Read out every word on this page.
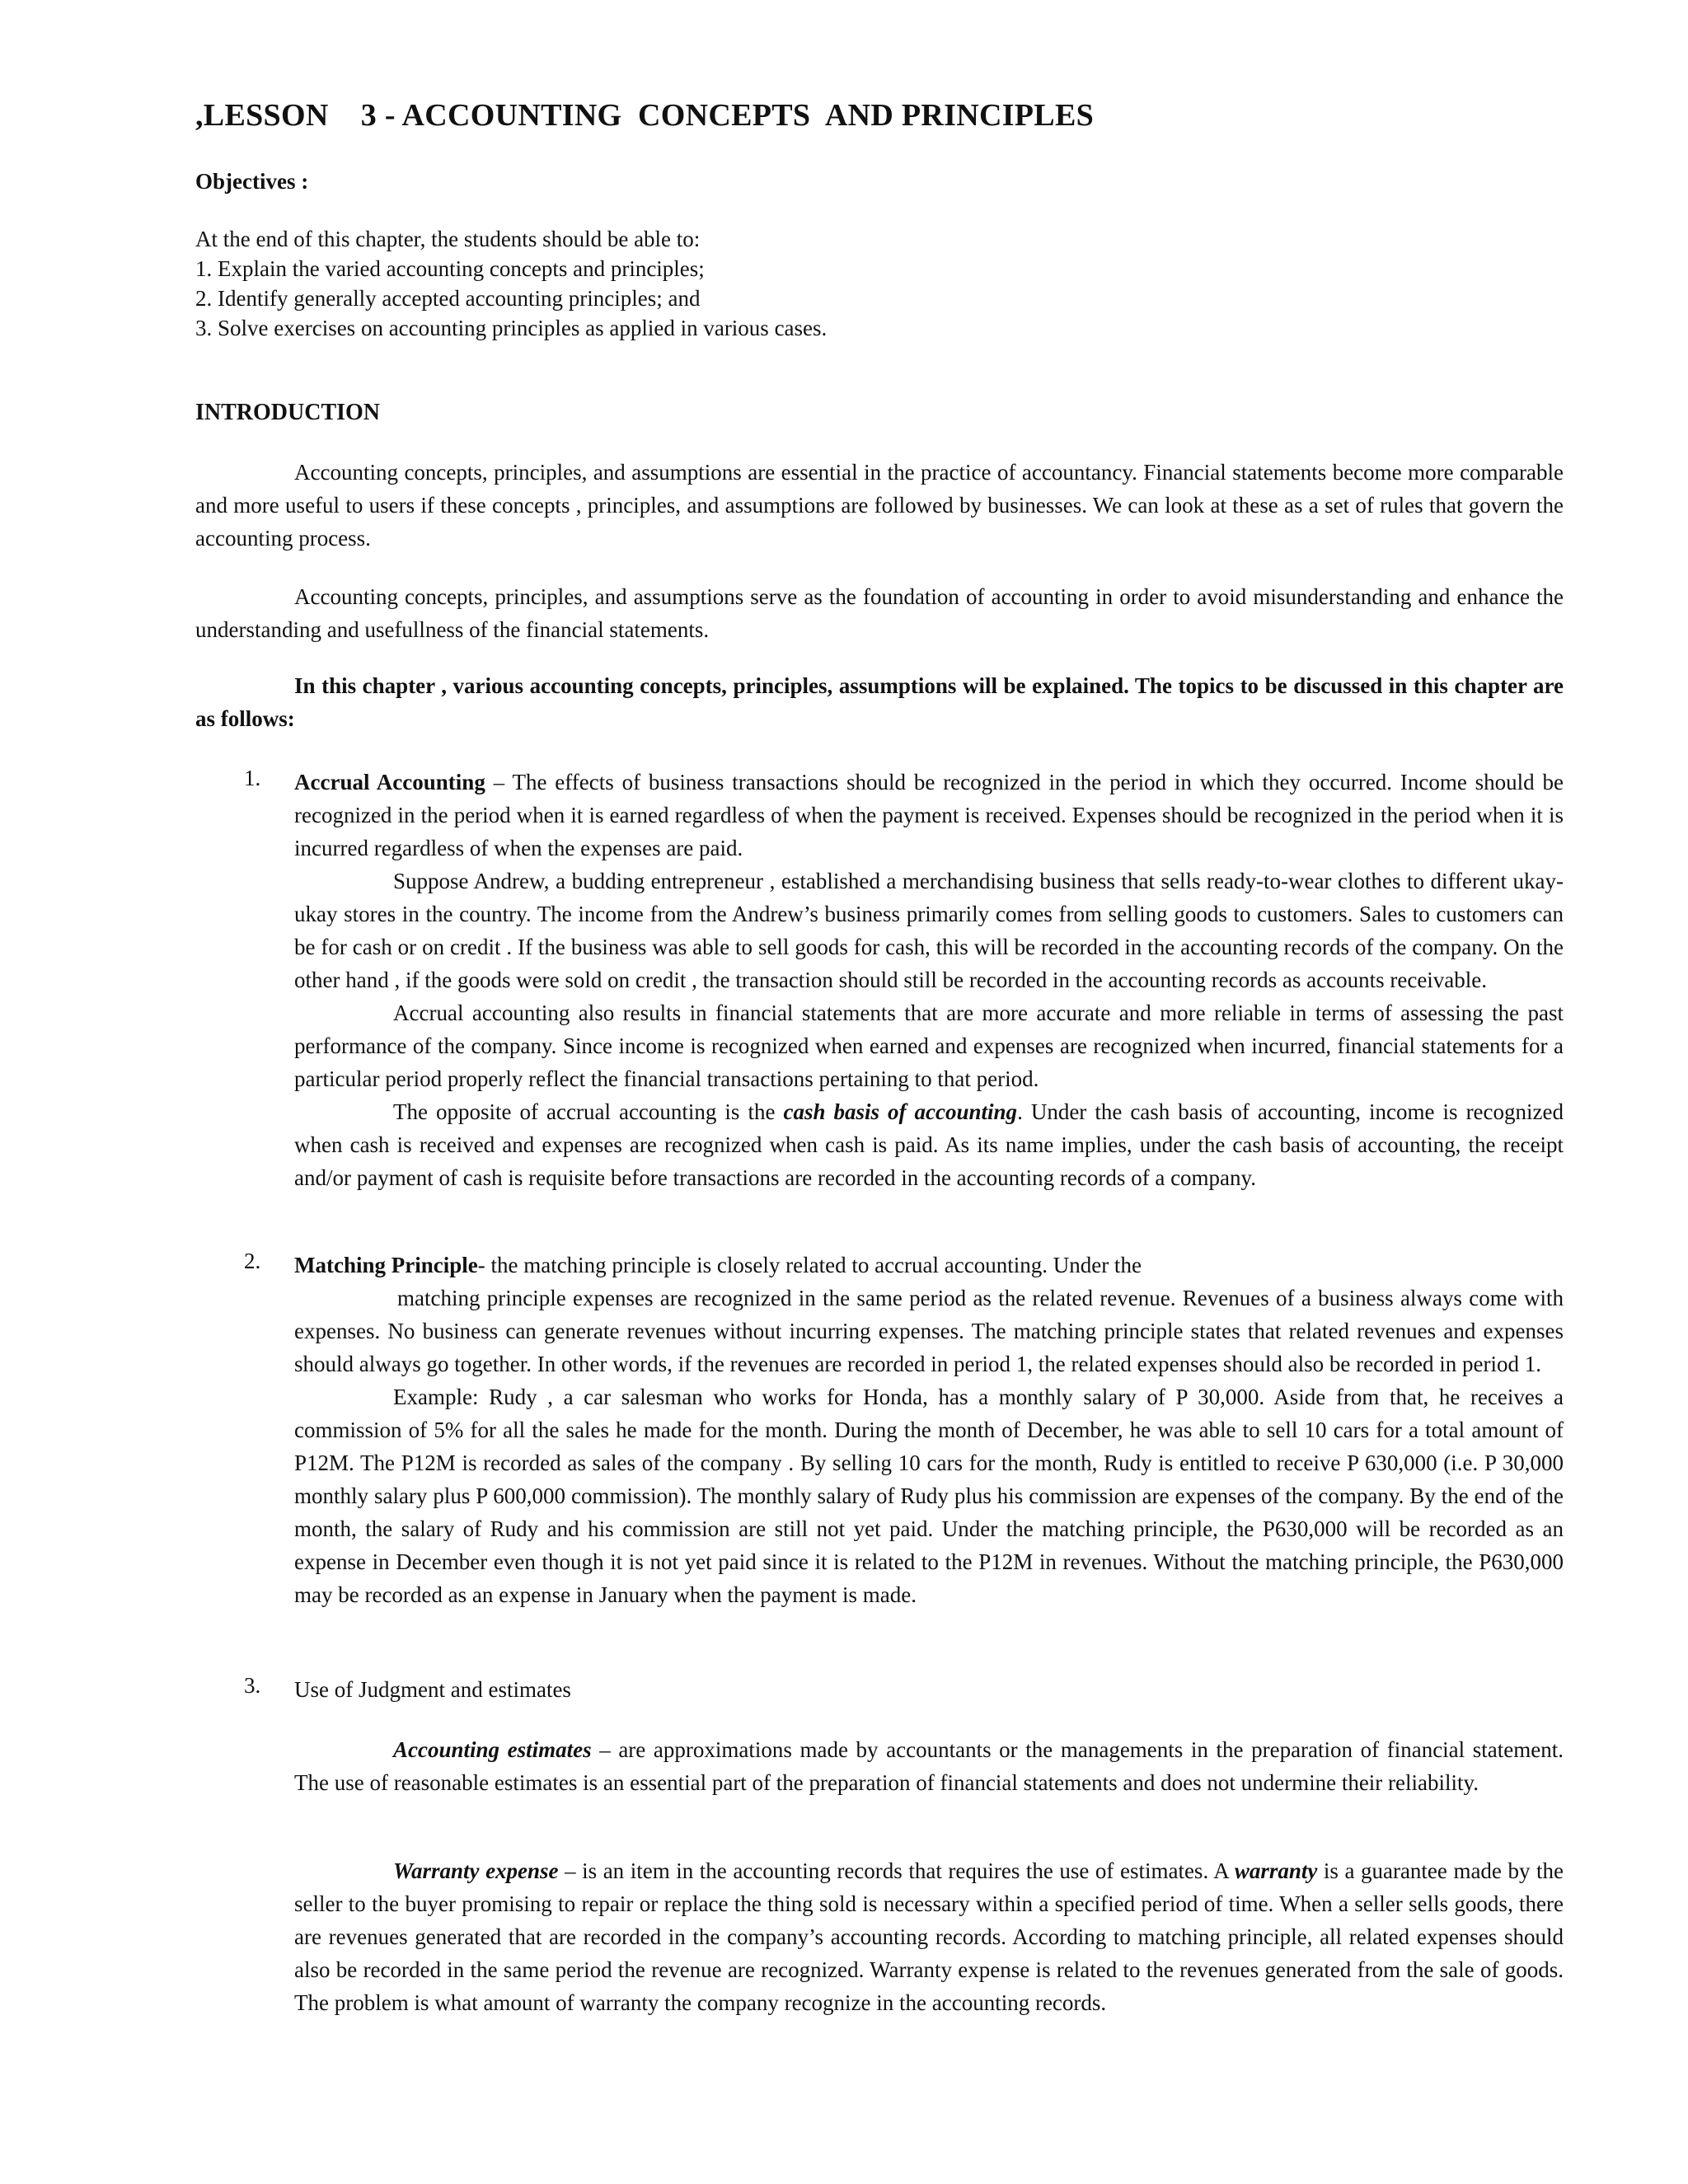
,LESSON    3 - ACCOUNTING  CONCEPTS  AND PRINCIPLES
Objectives :
At the end of this chapter, the students should be able to:
1. Explain the varied accounting concepts and principles;
2. Identify generally accepted accounting principles; and
3. Solve exercises on accounting principles as applied in various cases.
INTRODUCTION

Accounting concepts, principles, and assumptions are essential in the practice of accountancy. Financial statements become more comparable and more useful to users if these concepts , principles, and assumptions are followed by businesses. We can look at these as a set of rules that govern the accounting process.

Accounting concepts, principles, and assumptions serve as the foundation of accounting in order to avoid misunderstanding and enhance the understanding and usefullness of the financial statements.

In this chapter , various accounting concepts, principles, assumptions will be explained. The topics to be discussed in this chapter are as follows:

1. Accrual Accounting – The effects of business transactions should be recognized in the period in which they occurred. Income should be recognized in the period when it is earned regardless of when the payment is received. Expenses should be recognized in the period when it is incurred regardless of when the expenses are paid.

Suppose Andrew, a budding entrepreneur , established a merchandising business that sells ready-to-wear clothes to different ukay-ukay stores in the country. The income from the Andrew’s business primarily comes from selling goods to customers. Sales to customers can be for cash or on credit . If the business was able to sell goods for cash, this will be recorded in the accounting records of the company. On the other hand , if the goods were sold on credit , the transaction should still be recorded in the accounting records as accounts receivable.

Accrual accounting also results in financial statements that are more accurate and more reliable in terms of assessing the past performance of the company. Since income is recognized when earned and expenses are recognized when incurred, financial statements for a particular period properly reflect the financial transactions pertaining to that period.

The opposite of accrual accounting is the cash basis of accounting. Under the cash basis of accounting, income is recognized when cash is received and expenses are recognized when cash is paid. As its name implies, under the cash basis of accounting, the receipt and/or payment of cash is requisite before transactions are recorded in the accounting records of a company.

2. Matching Principle- the matching principle is closely related to accrual accounting. Under the

matching principle expenses are recognized in the same period as the related revenue. Revenues of a business always come with expenses. No business can generate revenues without incurring expenses. The matching principle states that related revenues and expenses should always go together. In other words, if the revenues are recorded in period 1, the related expenses should also be recorded in period 1.

Example: Rudy , a car salesman who works for Honda, has a monthly salary of P 30,000. Aside from that, he receives a commission of 5% for all the sales he made for the month. During the month of December, he was able to sell 10 cars for a total amount of P12M. The P12M is recorded as sales of the company . By selling 10 cars for the month, Rudy is entitled to receive P 630,000 (i.e. P 30,000 monthly salary plus P 600,000 commission). The monthly salary of Rudy plus his commission are expenses of the company. By the end of the month, the salary of Rudy and his commission are still not yet paid. Under the matching principle, the P630,000 will be recorded as an expense in December even though it is not yet paid since it is related to the P12M in revenues. Without the matching principle, the P630,000 may be recorded as an expense in January when the payment is made.

3. Use of Judgment and estimates

Accounting estimates – are approximations made by accountants or the managements in the preparation of financial statement. The use of reasonable estimates is an essential part of the preparation of financial statements and does not undermine their reliability.

Warranty expense – is an item in the accounting records that requires the use of estimates. A warranty is a guarantee made by the seller to the buyer promising to repair or replace the thing sold is necessary within a specified period of time. When a seller sells goods, there are revenues generated that are recorded in the company’s accounting records. According to matching principle, all related expenses should also be recorded in the same period the revenue are recognized. Warranty expense is related to the revenues generated from the sale of goods. The problem is what amount of warranty the company recognize in the accounting records.
